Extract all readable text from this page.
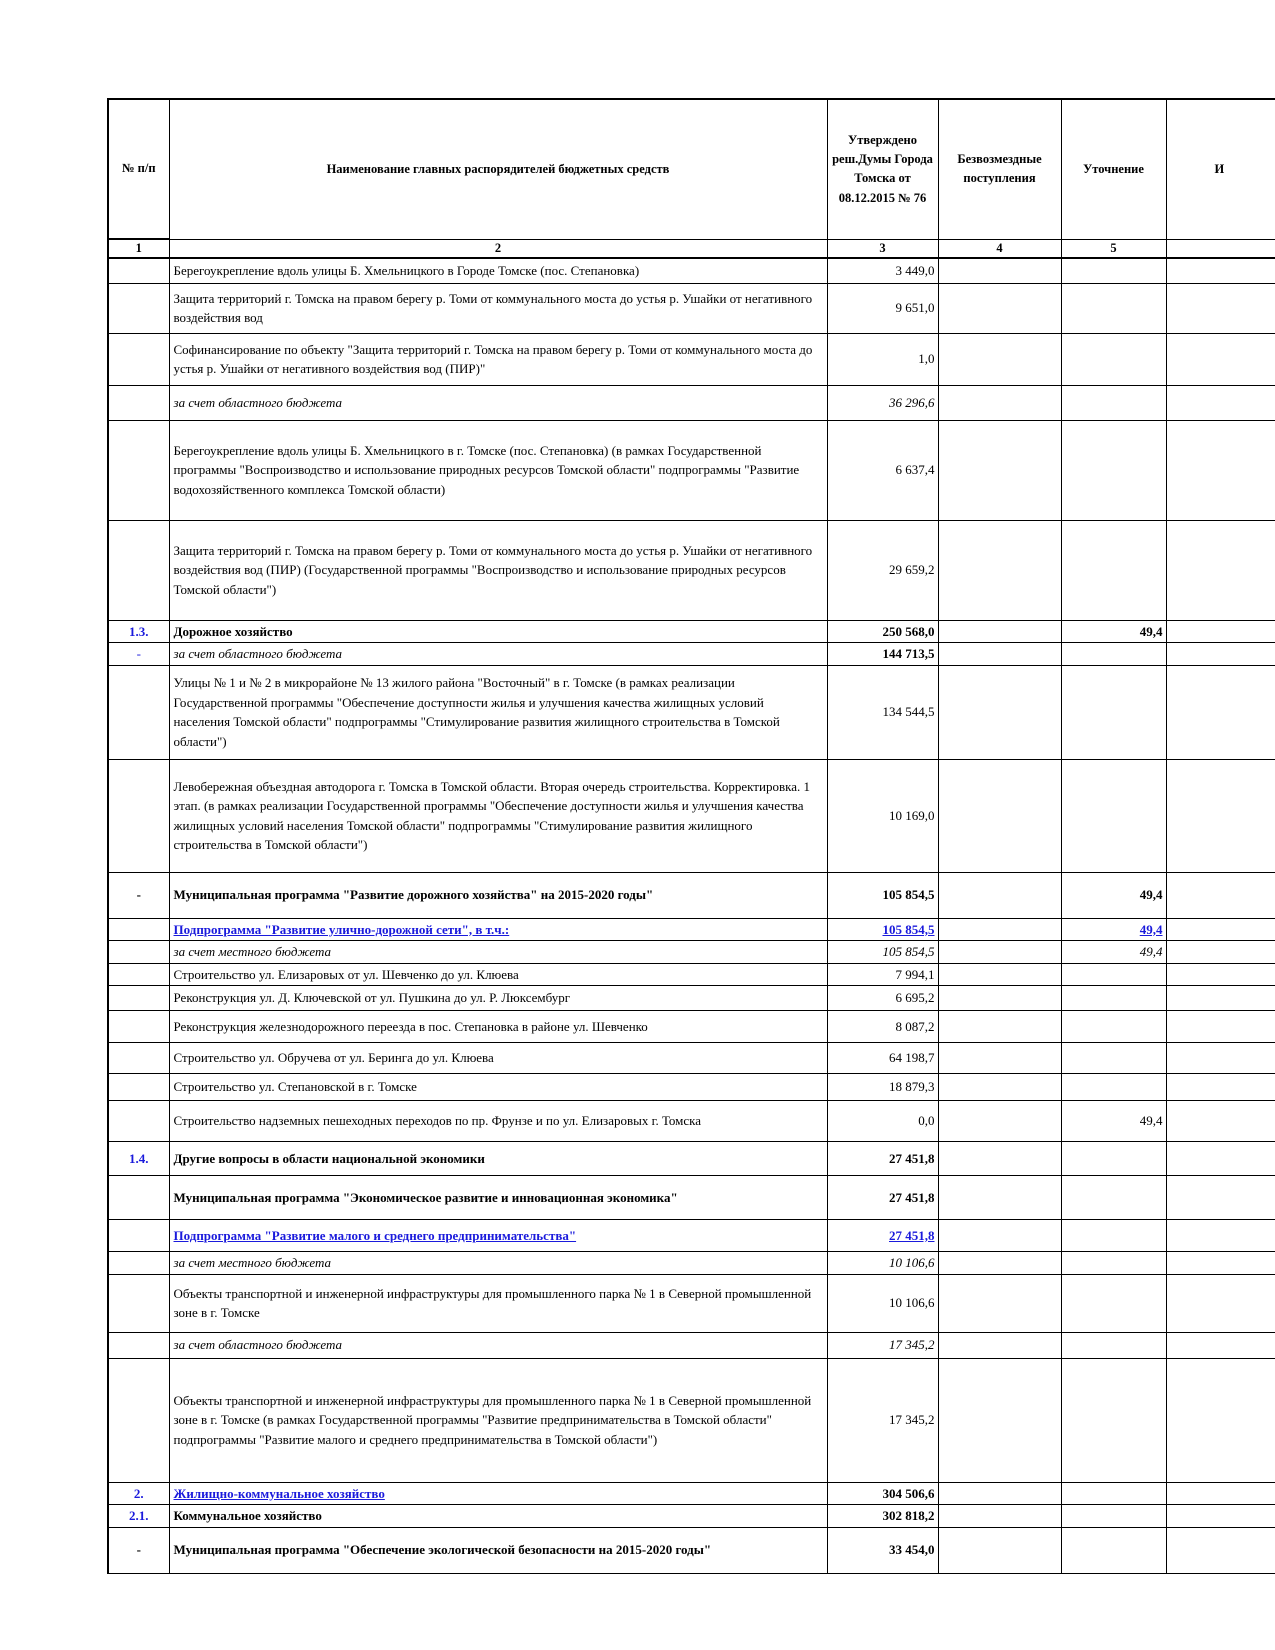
№ п/п	Наименование главных распорядителей бюджетных средств	Утверждено реш.Думы Города Томска от 08.12.2015 № 76	Безвозмездные поступления	Уточнение	И
1	2	3	4	5	
	Берегоукрепление вдоль улицы Б. Хмельницкого в Городе Томске (пос. Степановка)	3 449,0			
	Защита территорий г. Томска на правом берегу р. Томи от коммунального моста до устья р. Ушайки от негативного воздействия вод	9 651,0			
	Софинансирование по объекту "Защита территорий г. Томска на правом берегу р. Томи от коммунального моста до устья р. Ушайки от негативного воздействия вод (ПИР)"	1,0			
	за счет областного бюджета	36 296,6			
	Берегоукрепление вдоль улицы Б. Хмельницкого в г. Томске (пос. Степановка) (в рамках Государственной программы "Воспроизводство и использование природных ресурсов Томской области" подпрограммы "Развитие водохозяйственного комплекса Томской области)	6 637,4			
	Защита территорий г. Томска на правом берегу р. Томи от коммунального моста до устья р. Ушайки от негативного воздействия вод (ПИР) (Государственной программы "Воспроизводство и использование природных ресурсов Томской области")	29 659,2			
1.3.	Дорожное хозяйство	250 568,0		49,4	
-	за счет областного бюджета	144 713,5			
	Улицы № 1 и № 2 в микрорайоне № 13 жилого района "Восточный" в г. Томске (в рамках реализации Государственной программы "Обеспечение доступности жилья и улучшения качества жилищных условий населения Томской области" подпрограммы "Стимулирование развития жилищного строительства в Томской области")	134 544,5			
	Левобережная объездная автодорога г. Томска в Томской области. Вторая очередь строительства. Корректировка. 1 этап. (в рамках реализации Государственной программы "Обеспечение доступности жилья и улучшения качества жилищных условий населения Томской области" подпрограммы "Стимулирование развития жилищного строительства в Томской области")	10 169,0			
-	Муниципальная программа "Развитие дорожного хозяйства" на 2015-2020 годы"	105 854,5		49,4	
	Подпрограмма "Развитие улично-дорожной сети", в т.ч.:	105 854,5		49,4	
	за счет местного бюджета	105 854,5		49,4	
	Строительство ул. Елизаровых от ул. Шевченко до ул. Клюева	7 994,1			
	Реконструкция ул. Д. Ключевской от ул. Пушкина до ул. Р. Люксембург	6 695,2			
	Реконструкция железнодорожного переезда в пос. Степановка в районе ул. Шевченко	8 087,2			
	Строительство ул. Обручева от ул. Беринга до ул. Клюева	64 198,7			
	Строительство ул. Степановской в г. Томске	18 879,3			
	Строительство надземных пешеходных переходов по пр. Фрунзе и по ул. Елизаровых г. Томска	0,0		49,4	
1.4.	Другие вопросы в области национальной экономики	27 451,8			
	Муниципальная программа "Экономическое развитие и инновационная экономика"	27 451,8			
	Подпрограмма "Развитие малого и среднего предпринимательства"	27 451,8			
	за счет местного бюджета	10 106,6			
	Объекты транспортной и инженерной инфраструктуры для промышленного парка № 1 в Северной промышленной зоне в г. Томске	10 106,6			
	за счет областного бюджета	17 345,2			
	Объекты транспортной и инженерной инфраструктуры для промышленного парка № 1 в Северной промышленной зоне в г. Томске (в рамках Государственной программы "Развитие предпринимательства в Томской области" подпрограммы "Развитие малого и среднего предпринимательства в Томской области")	17 345,2			
2.	Жилищно-коммунальное хозяйство	304 506,6			
2.1.	Коммунальное хозяйство	302 818,2			
-	Муниципальная программа "Обеспечение экологической безопасности на 2015-2020 годы"	33 454,0			
